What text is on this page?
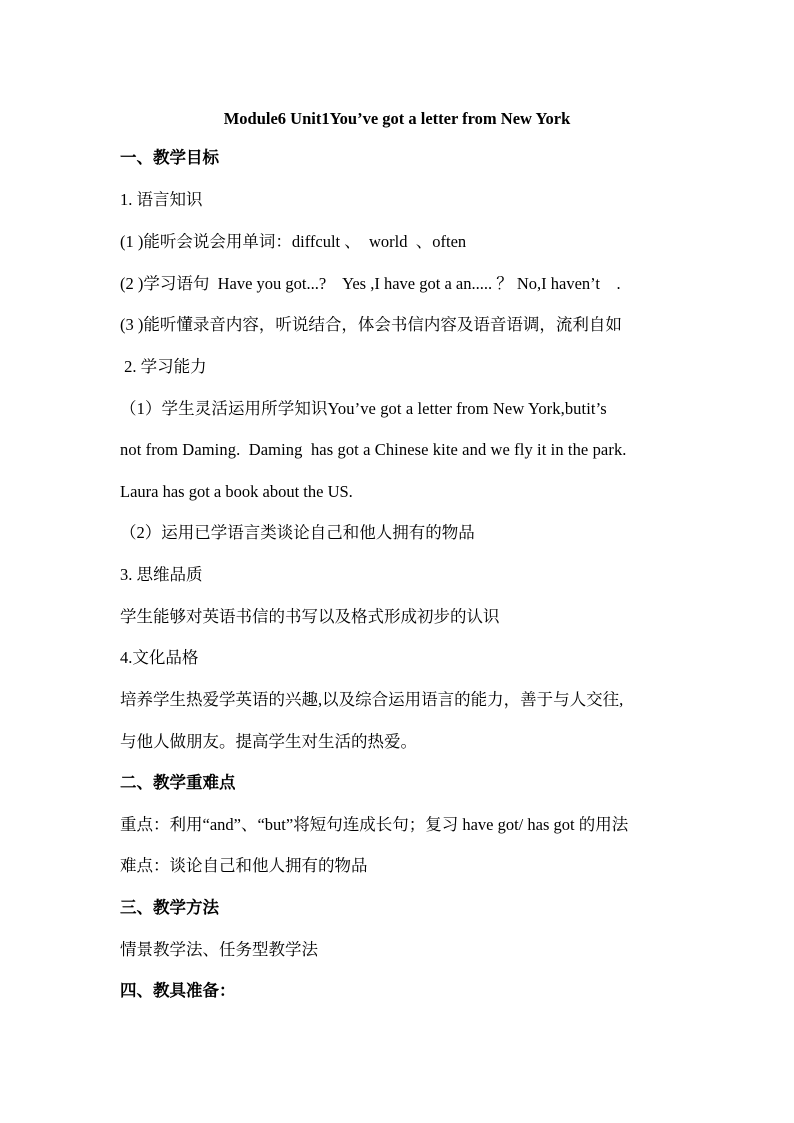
Module6 Unit1You’ve got a letter from New York
一、教学目标
1. 语言知识
(1 )能听会说会用单词：diffcult 、  world  、often
(2 )学习语句  Have you got...?    Yes ,I have got a an..... ？ No,I haven’t    .
(3 )能听懂录音内容，听说结合，体会书信内容及语音语调，流利自如
2. 学习能力
（1）学生灵活运用所学知识You’ve got a letter from New York,butit’s
not from Daming.  Daming  has got a Chinese kite and we fly it in the park.
Laura has got a book about the US.
（2）运用已学语言类谈论自己和他人拥有的物品
3. 思维品质
学生能够对英语书信的书写以及格式形成初步的认识
4.文化品格
培养学生热爱学英语的兴趣,以及综合运用语言的能力，善于与人交往,
与他人做朋友。提高学生对生活的热爱。
二、教学重难点
重点：利用“and”、“but”将短句连成长句；复习 have got/ has got 的用法
难点：谈论自己和他人拥有的物品
三、教学方法
情景教学法、任务型教学法
四、教具准备：
